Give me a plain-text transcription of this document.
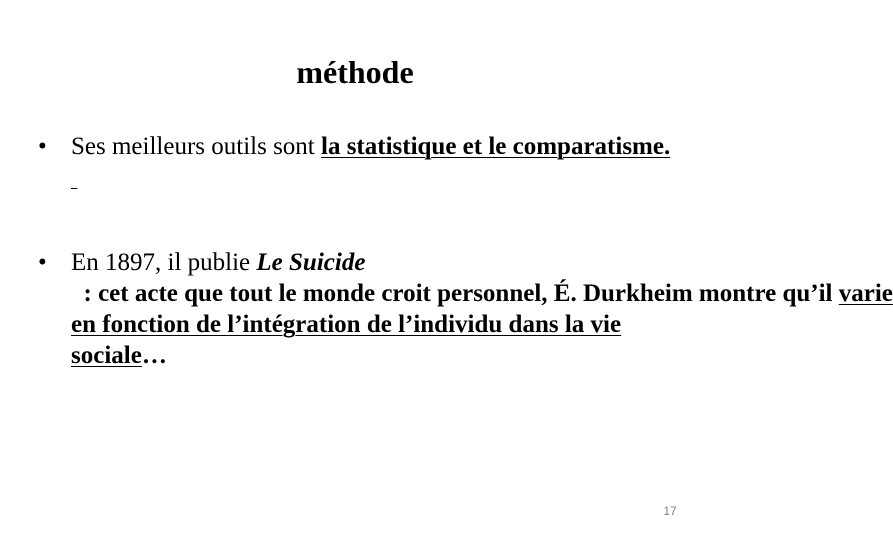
méthode
• Ses meilleurs outils sont la statistique et le comparatisme.
• En 1897, il publie Le Suicide  : cet acte que tout le monde croit personnel, É. Durkheim montre qu’il varie en fonction de l’intégration de l’individu dans la vie sociale…
17
